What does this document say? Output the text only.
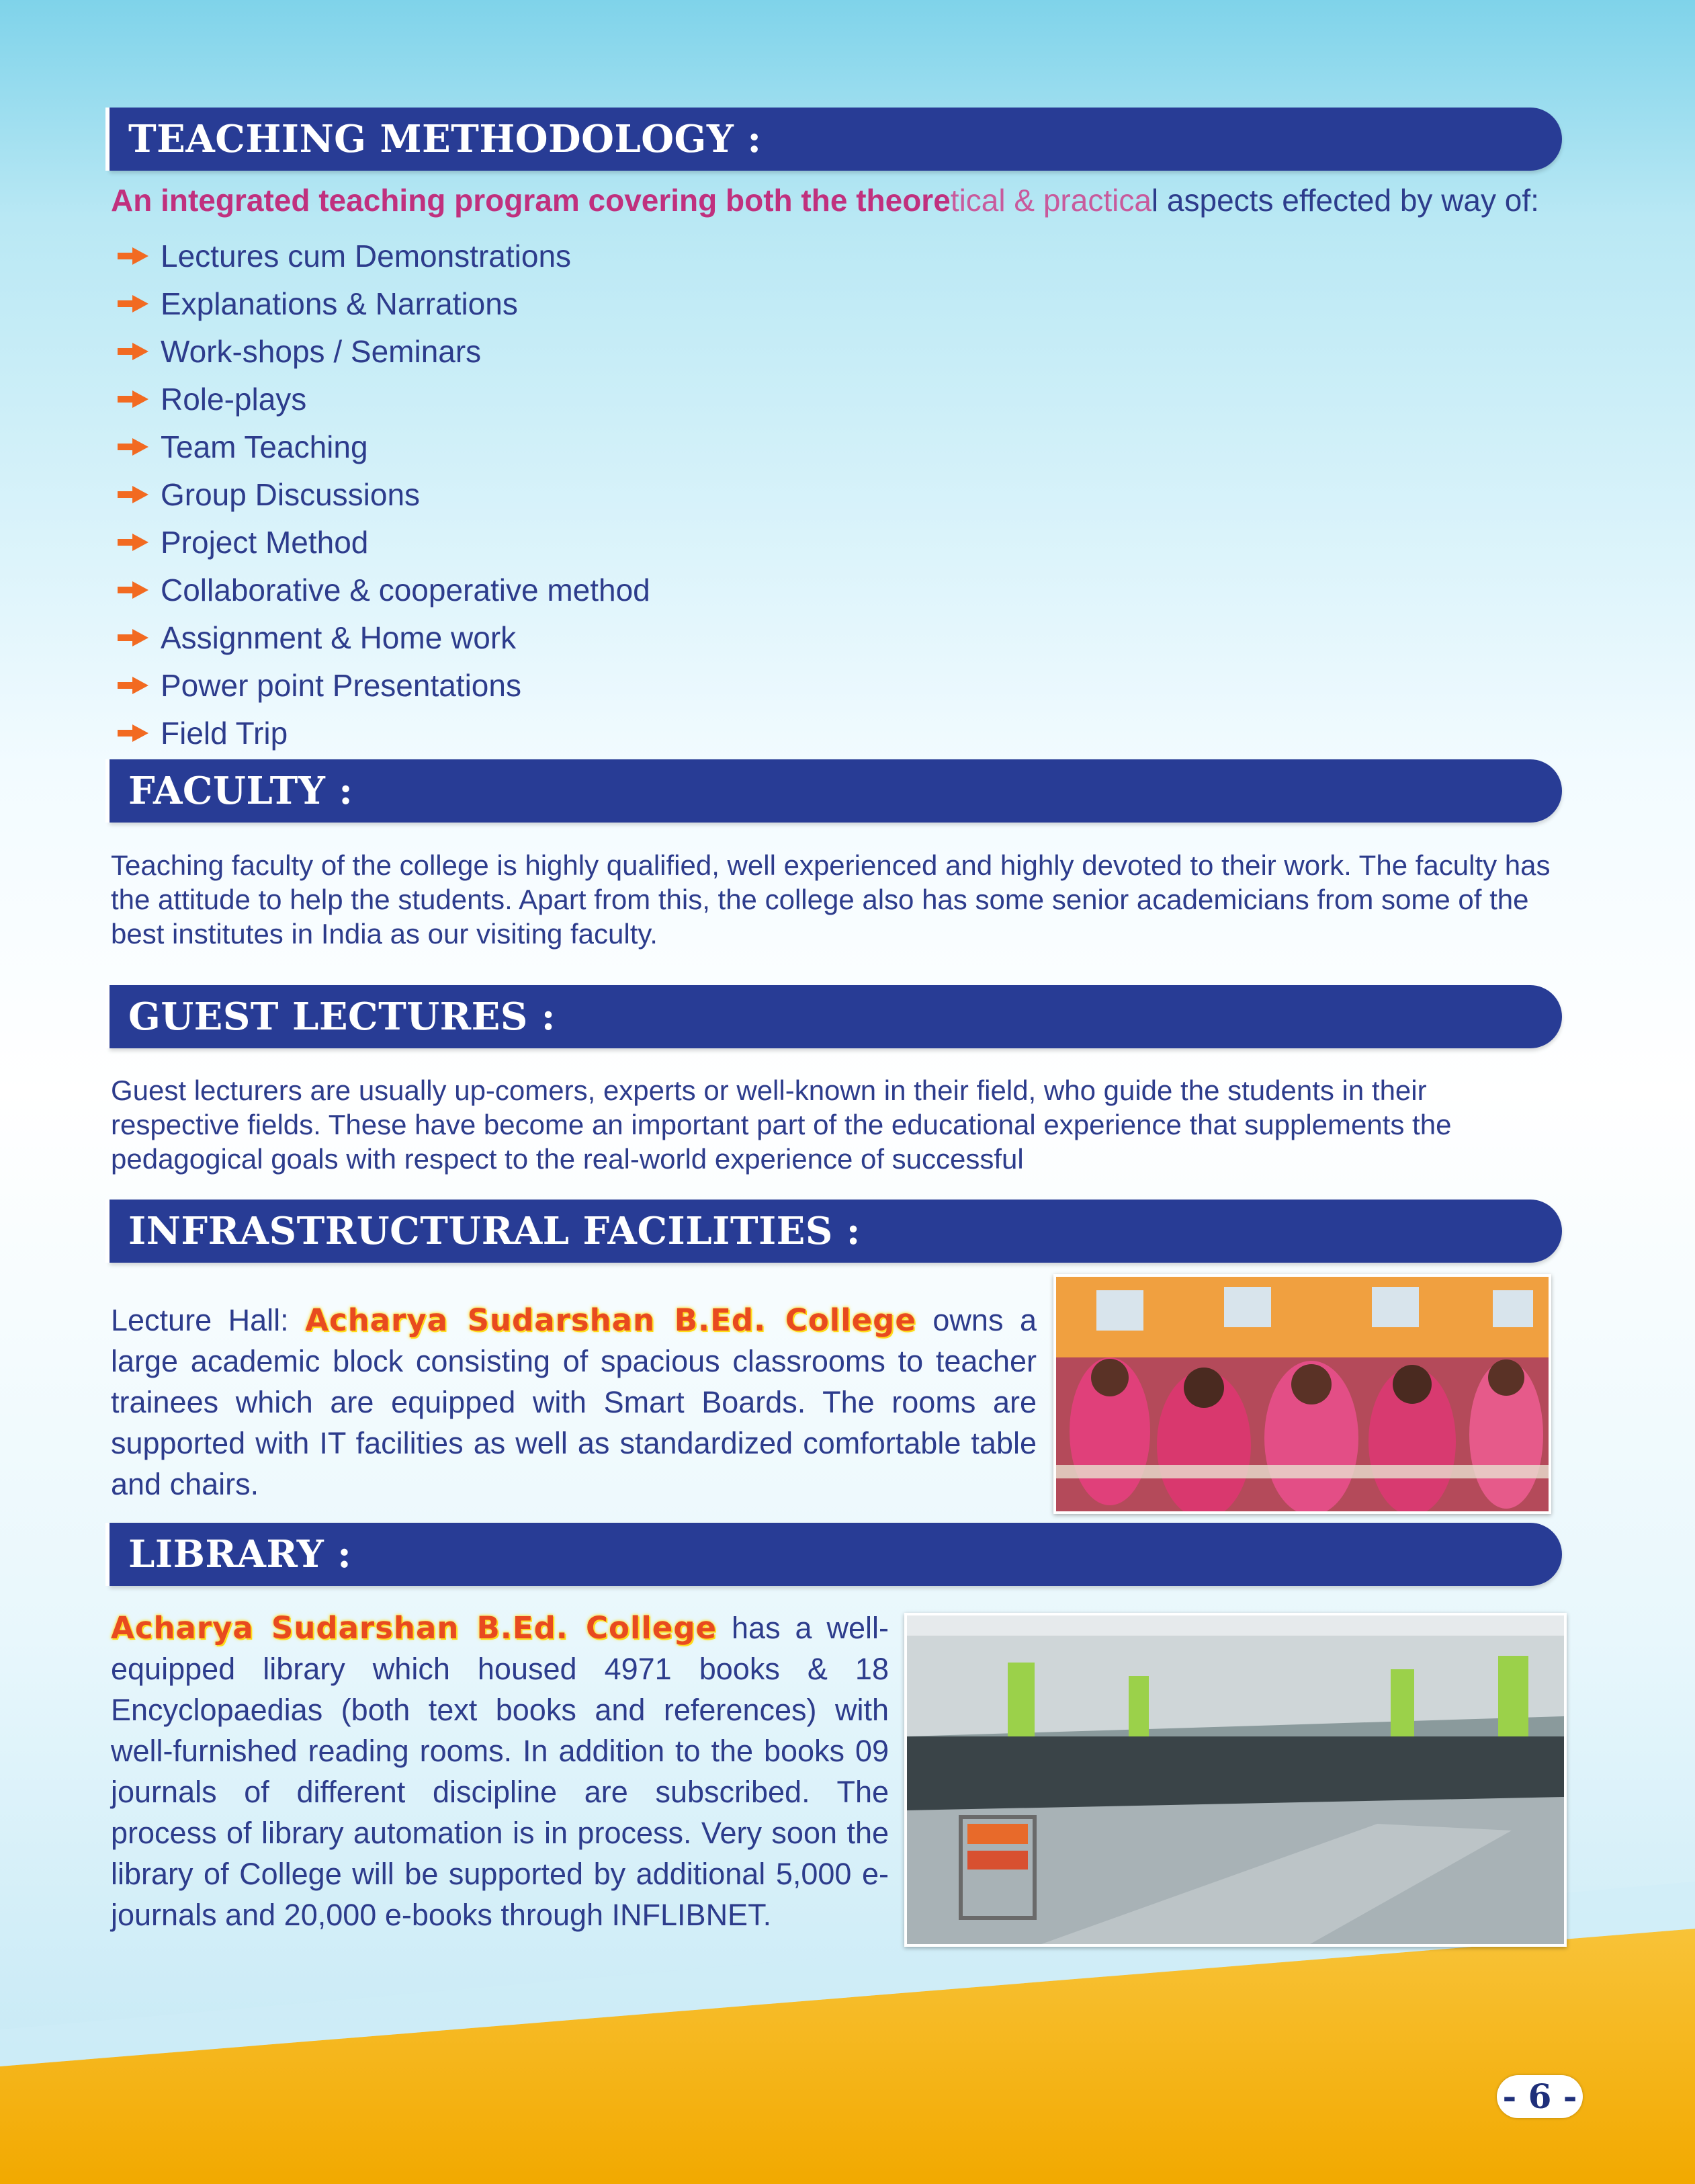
TEACHING METHODOLOGY :
An integrated teaching program covering both the theoretical & practical aspects effected by way of:
Lectures cum Demonstrations
Explanations & Narrations
Work-shops / Seminars
Role-plays
Team Teaching
Group Discussions
Project Method
Collaborative & cooperative method
Assignment & Home work
Power point Presentations
Field Trip
FACULTY :
Teaching faculty of the college is highly qualified, well experienced and highly devoted to their work. The faculty has the attitude to help the students. Apart from this, the college also has some senior academicians from some of the best institutes in India as our visiting faculty.
GUEST LECTURES :
Guest lecturers are usually up-comers, experts or well-known in their field, who guide the students in their respective fields. These have become an important part of the educational experience that supplements the pedagogical goals with respect to the real-world experience of successful
INFRASTRUCTURAL FACILITIES :
Lecture Hall: Acharya Sudarshan B.Ed. College owns a large academic block consisting of spacious classrooms to teacher trainees which are equipped with Smart Boards. The rooms are supported with IT facilities as well as standardized comfortable table and chairs.
LIBRARY :
Acharya Sudarshan B.Ed. College has a well-equipped library which housed 4971 books & 18 Encyclopaedias (both text books and references) with well-furnished reading rooms. In addition to the books 09 journals of different discipline are subscribed. The process of library automation is in process. Very soon the library of College will be supported by additional 5,000 e-journals and 20,000 e-books through INFLIBNET.
- 6 -
